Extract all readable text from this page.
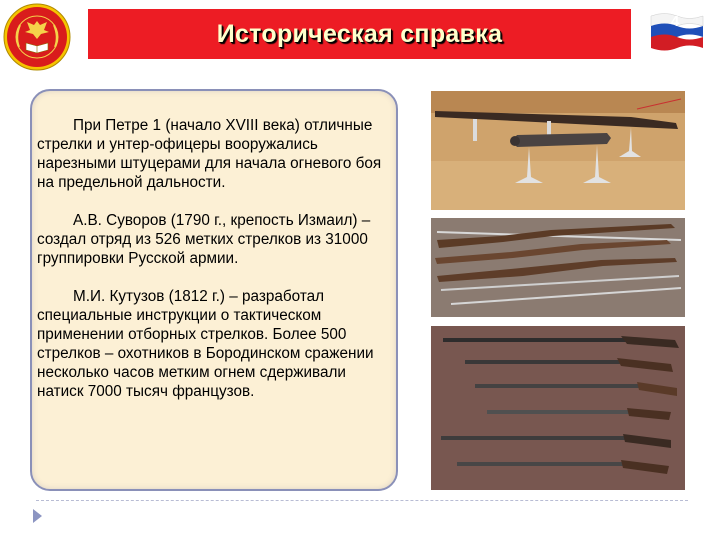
Историческая справка	4

При Петре 1 (начало XVIII века) отличные стрелки и унтер-офицеры вооружались нарезными штуцерами для начала огневого боя на предельной дальности.

А.В. Суворов (1790 г., крепость Измаил) – создал отряд из 526 метких стрелков из 31000 группировки Русской армии.

М.И. Кутузов (1812 г.) – разработал специальные инструкции о тактическом применении отборных стрелков. Более 500 стрелков – охотников в Бородинском сражении несколько часов метким огнем сдерживали натиск 7000 тысяч французов.
